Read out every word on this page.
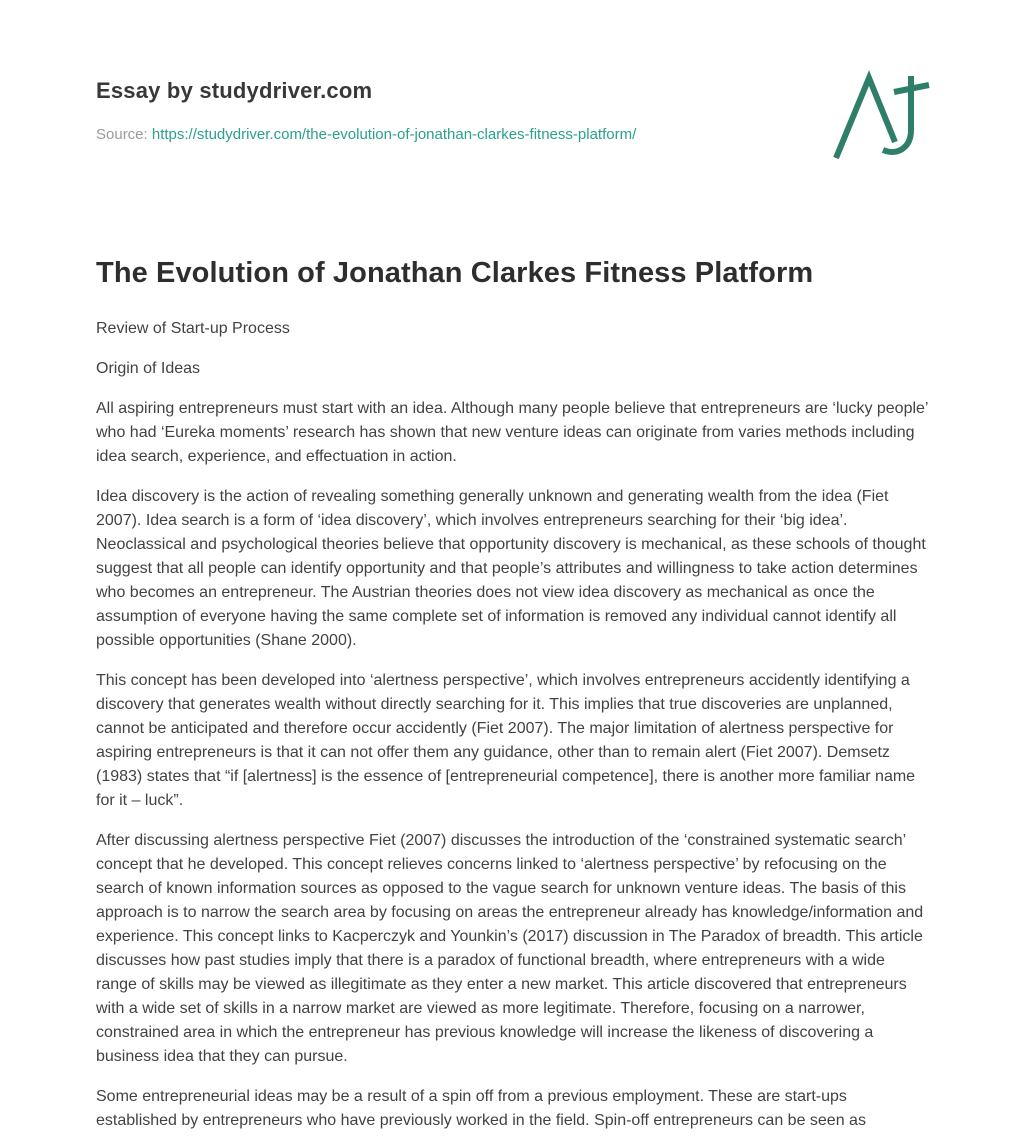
Essay by studydriver.com
Source: https://studydriver.com/the-evolution-of-jonathan-clarkes-fitness-platform/
The Evolution of Jonathan Clarkes Fitness Platform

Review of Start-up Process

Origin of Ideas

All aspiring entrepreneurs must start with an idea. Although many people believe that entrepreneurs are ‘lucky people’ who had ‘Eureka moments’ research has shown that new venture ideas can originate from varies methods including idea search, experience, and effectuation in action.

Idea discovery is the action of revealing something generally unknown and generating wealth from the idea (Fiet 2007). Idea search is a form of ‘idea discovery’, which involves entrepreneurs searching for their ‘big idea’. Neoclassical and psychological theories believe that opportunity discovery is mechanical, as these schools of thought suggest that all people can identify opportunity and that people’s attributes and willingness to take action determines who becomes an entrepreneur. The Austrian theories does not view idea discovery as mechanical as once the assumption of everyone having the same complete set of information is removed any individual cannot identify all possible opportunities (Shane 2000).

This concept has been developed into ‘alertness perspective’, which involves entrepreneurs accidently identifying a discovery that generates wealth without directly searching for it. This implies that true discoveries are unplanned, cannot be anticipated and therefore occur accidently (Fiet 2007). The major limitation of alertness perspective for aspiring entrepreneurs is that it can not offer them any guidance, other than to remain alert (Fiet 2007). Demsetz (1983) states that “if [alertness] is the essence of [entrepreneurial competence], there is another more familiar name for it – luck”.

After discussing alertness perspective Fiet (2007) discusses the introduction of the ‘constrained systematic search’ concept that he developed. This concept relieves concerns linked to ‘alertness perspective’ by refocusing on the search of known information sources as opposed to the vague search for unknown venture ideas. The basis of this approach is to narrow the search area by focusing on areas the entrepreneur already has knowledge/information and experience. This concept links to Kacperczyk and Younkin’s (2017) discussion in The Paradox of breadth. This article discusses how past studies imply that there is a paradox of functional breadth, where entrepreneurs with a wide range of skills may be viewed as illegitimate as they enter a new market. This article discovered that entrepreneurs with a wide set of skills in a narrow market are viewed as more legitimate. Therefore, focusing on a narrower, constrained area in which the entrepreneur has previous knowledge will increase the likeness of discovering a business idea that they can pursue.

Some entrepreneurial ideas may be a result of a spin off from a previous employment. These are start-ups established by entrepreneurs who have previously worked in the field. Spin-off entrepreneurs can be seen as
